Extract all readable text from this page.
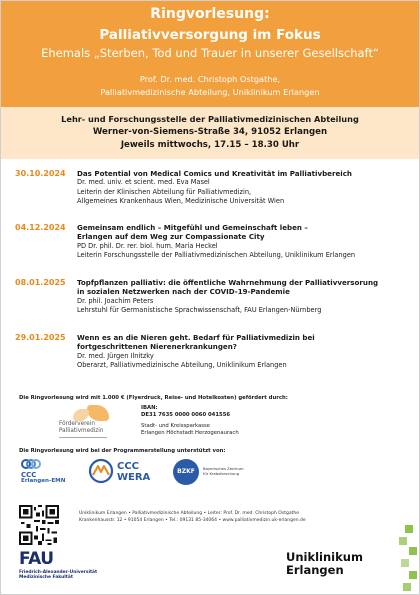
Ringvorlesung:
Palliativversorgung im Fokus
Ehemals „Sterben, Tod und Trauer in unserer Gesellschaft“
Prof. Dr. med. Christoph Ostgathe,
Palliativmedizinische Abteilung, Uniklinikum Erlangen
Lehr- und Forschungsstelle der Palliativmedizinischen Abteilung
Werner-von-Siemens-Straße 34, 91052 Erlangen
Jeweils mittwochs, 17.15 – 18.30 Uhr
30.10.2024	Das Potential von Medical Comics und Kreativität im Palliativbereich
Dr. med. univ. et scient. med. Eva Masel
Leiterin der Klinischen Abteilung für Palliativmedizin,
Allgemeines Krankenhaus Wien, Medizinische Universität Wien
04.12.2024	Gemeinsam endlich – Mitgefühl und Gemeinschaft leben –
Erlangen auf dem Weg zur Compassionate City
PD Dr. phil. Dr. rer. biol. hum. Maria Heckel
Leiterin Forschungsstelle der Palliativmedizinischen Abteilung, Uniklinikum Erlangen
08.01.2025	Topfpflanzen palliativ: die öffentliche Wahrnehmung der Palliativversorung
in sozialen Netzwerken nach der COVID-19-Pandemie
Dr. phil. Joachim Peters
Lehrstuhl für Germanistische Sprachwissenschaft, FAU Erlangen-Nürnberg
29.01.2025	Wenn es an die Nieren geht. Bedarf für Palliativmedizin bei
fortgeschrittenen Nierenerkrankungen?
Dr. med. Jürgen Ilnitzky
Oberarzt, Palliativmedizinische Abteilung, Uniklinikum Erlangen
Die Ringvorlesung wird mit 1.000 € (Flyerdruck, Reise- und Hotelkosten) gefördert durch:
Förderverein
Palliativmedizin
IBAN:
DE31 7635 0000 0060 041556
Stadt- und Kreissparkasse
Erlangen Höchstadt Herzogenaurach
Die Ringvorlesung wird bei der Programmerstellung unterstützt von:
CCC
Erlangen-EMN
CCC
WERA
BZKF	Bayerisches Zentrum
für Krebsforschung
Uniklinikum Erlangen • Palliativmedizinische Abteilung • Leiter: Prof. Dr. med. Christoph Ostgathe
Krankenhausstr. 12 • 91054 Erlangen • Tel.: 09131 85-34064 • www.palliativmedizin.uk-erlangen.de
FAU
Friedrich-Alexander-Universität
Medizinische Fakultät
Uniklinikum
Erlangen
